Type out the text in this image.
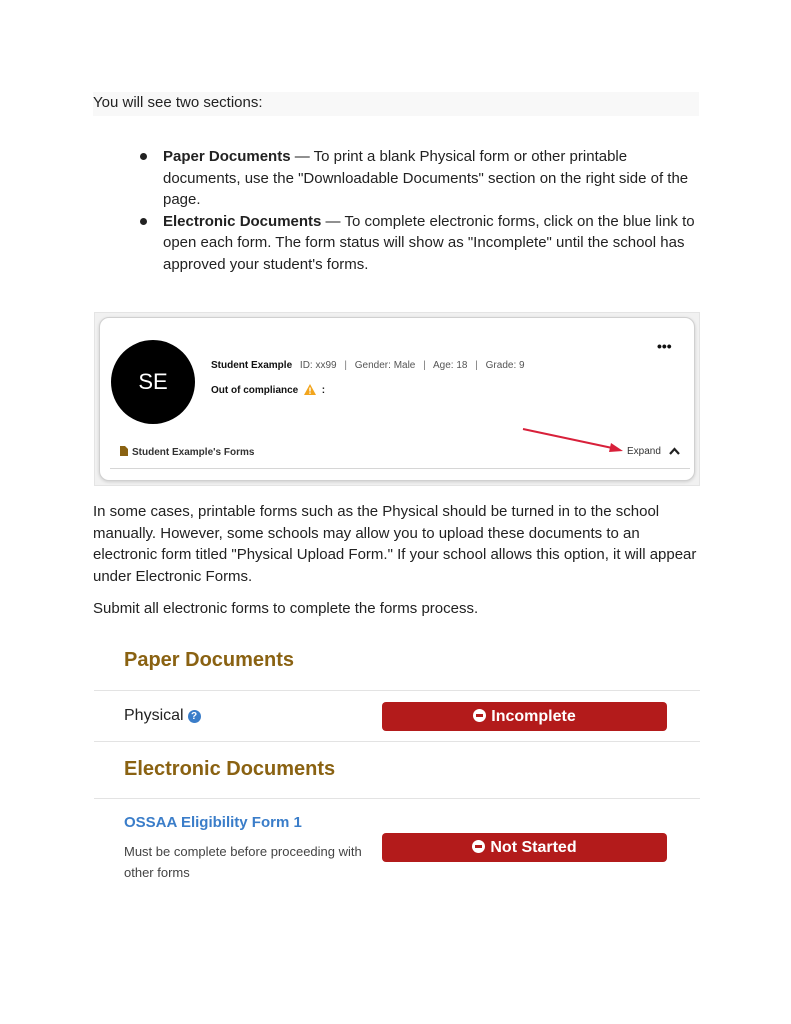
You will see two sections:
Paper Documents — To print a blank Physical form or other printable documents, use the "Downloadable Documents" section on the right side of the page.
Electronic Documents — To complete electronic forms, click on the blue link to open each form. The form status will show as "Incomplete" until the school has approved your student's forms.
SE
•••
Student Example ID: xx99 | Gender: Male | Age: 18 | Grade: 9
Out of compliance :
Student Example's Forms	Expand
In some cases, printable forms such as the Physical should be turned in to the school manually. However, some schools may allow you to upload these documents to an electronic form titled "Physical Upload Form." If your school allows this option, it will appear under Electronic Forms.
Submit all electronic forms to complete the forms process.
Paper Documents
Physical ?	Incomplete
Electronic Documents
OSSAA Eligibility Form 1
Must be complete before proceeding with other forms
Not Started
